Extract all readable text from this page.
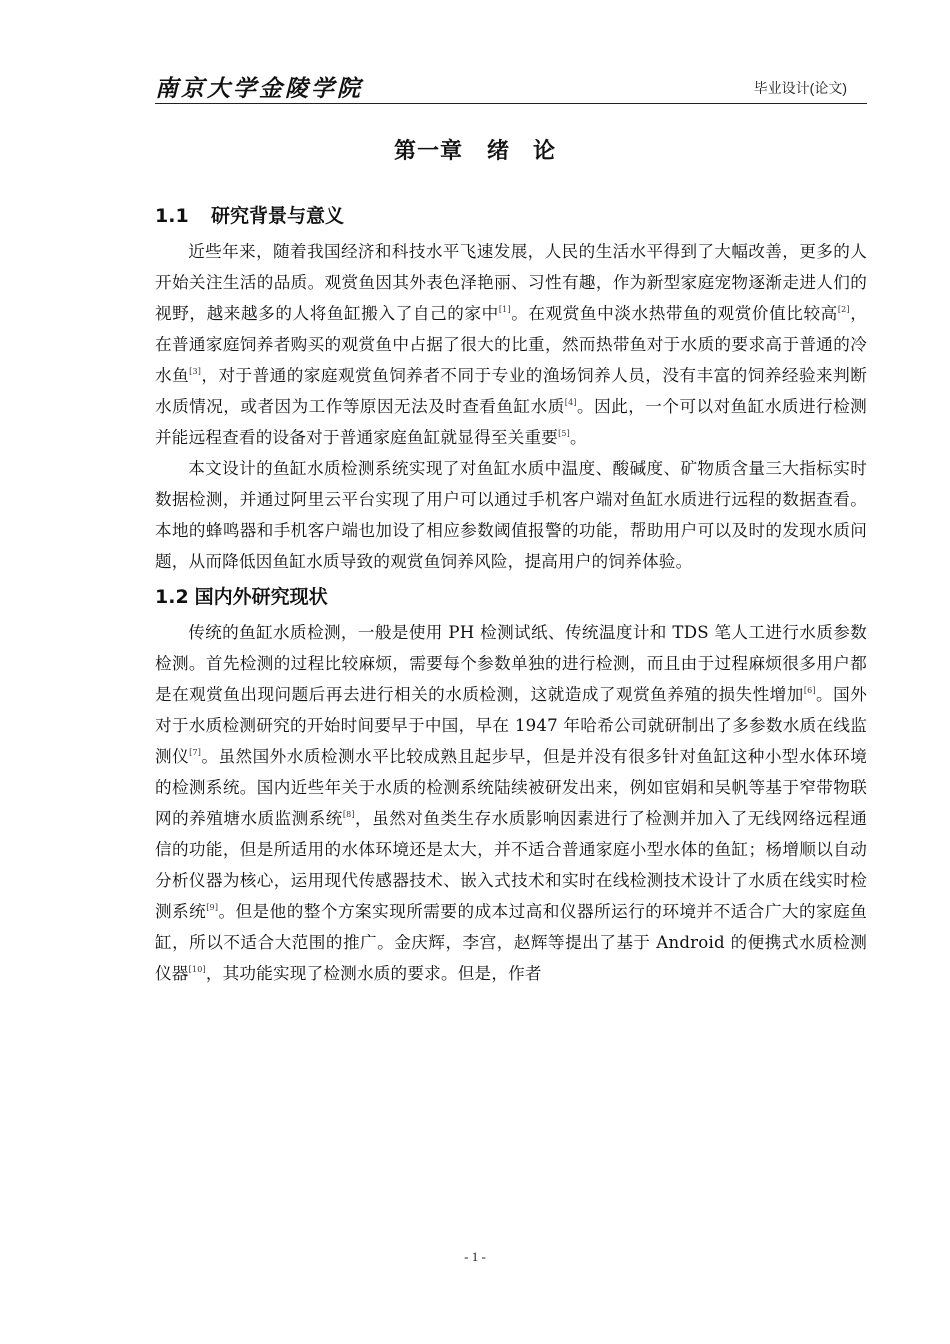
南京大学金陵学院	毕业设计(论文)
第一章 绪　论
1.1 研究背景与意义

近些年来，随着我国经济和科技水平飞速发展，人民的生活水平得到了大幅改善，更多的人开始关注生活的品质。观赏鱼因其外表色泽艳丽、习性有趣，作为新型家庭宠物逐渐走进人们的视野，越来越多的人将鱼缸搬入了自己的家中[1]。在观赏鱼中淡水热带鱼的观赏价值比较高[2]，在普通家庭饲养者购买的观赏鱼中占据了很大的比重，然而热带鱼对于水质的要求高于普通的冷水鱼[3]，对于普通的家庭观赏鱼饲养者不同于专业的渔场饲养人员，没有丰富的饲养经验来判断水质情况，或者因为工作等原因无法及时查看鱼缸水质[4]。因此，一个可以对鱼缸水质进行检测并能远程查看的设备对于普通家庭鱼缸就显得至关重要[5]。

本文设计的鱼缸水质检测系统实现了对鱼缸水质中温度、酸碱度、矿物质含量三大指标实时数据检测，并通过阿里云平台实现了用户可以通过手机客户端对鱼缸水质进行远程的数据查看。本地的蜂鸣器和手机客户端也加设了相应参数阈值报警的功能，帮助用户可以及时的发现水质问题，从而降低因鱼缸水质导致的观赏鱼饲养风险，提高用户的饲养体验。

1.2 国内外研究现状

传统的鱼缸水质检测，一般是使用 PH 检测试纸、传统温度计和 TDS 笔人工进行水质参数检测。首先检测的过程比较麻烦，需要每个参数单独的进行检测，而且由于过程麻烦很多用户都是在观赏鱼出现问题后再去进行相关的水质检测，这就造成了观赏鱼养殖的损失性增加[6]。国外对于水质检测研究的开始时间要早于中国，早在 1947 年哈希公司就研制出了多参数水质在线监测仪[7]。虽然国外水质检测水平比较成熟且起步早，但是并没有很多针对鱼缸这种小型水体环境的检测系统。国内近些年关于水质的检测系统陆续被研发出来，例如宦娟和吴帆等基于窄带物联网的养殖塘水质监测系统[8]，虽然对鱼类生存水质影响因素进行了检测并加入了无线网络远程通信的功能，但是所适用的水体环境还是太大，并不适合普通家庭小型水体的鱼缸；杨增顺以自动分析仪器为核心，运用现代传感器技术、嵌入式技术和实时在线检测技术设计了水质在线实时检测系统[9]。但是他的整个方案实现所需要的成本过高和仪器所运行的环境并不适合广大的家庭鱼缸，所以不适合大范围的推广。金庆辉，李宫，赵辉等提出了基于 Android 的便携式水质检测仪器[10]，其功能实现了检测水质的要求。但是，作者

- 1 -
